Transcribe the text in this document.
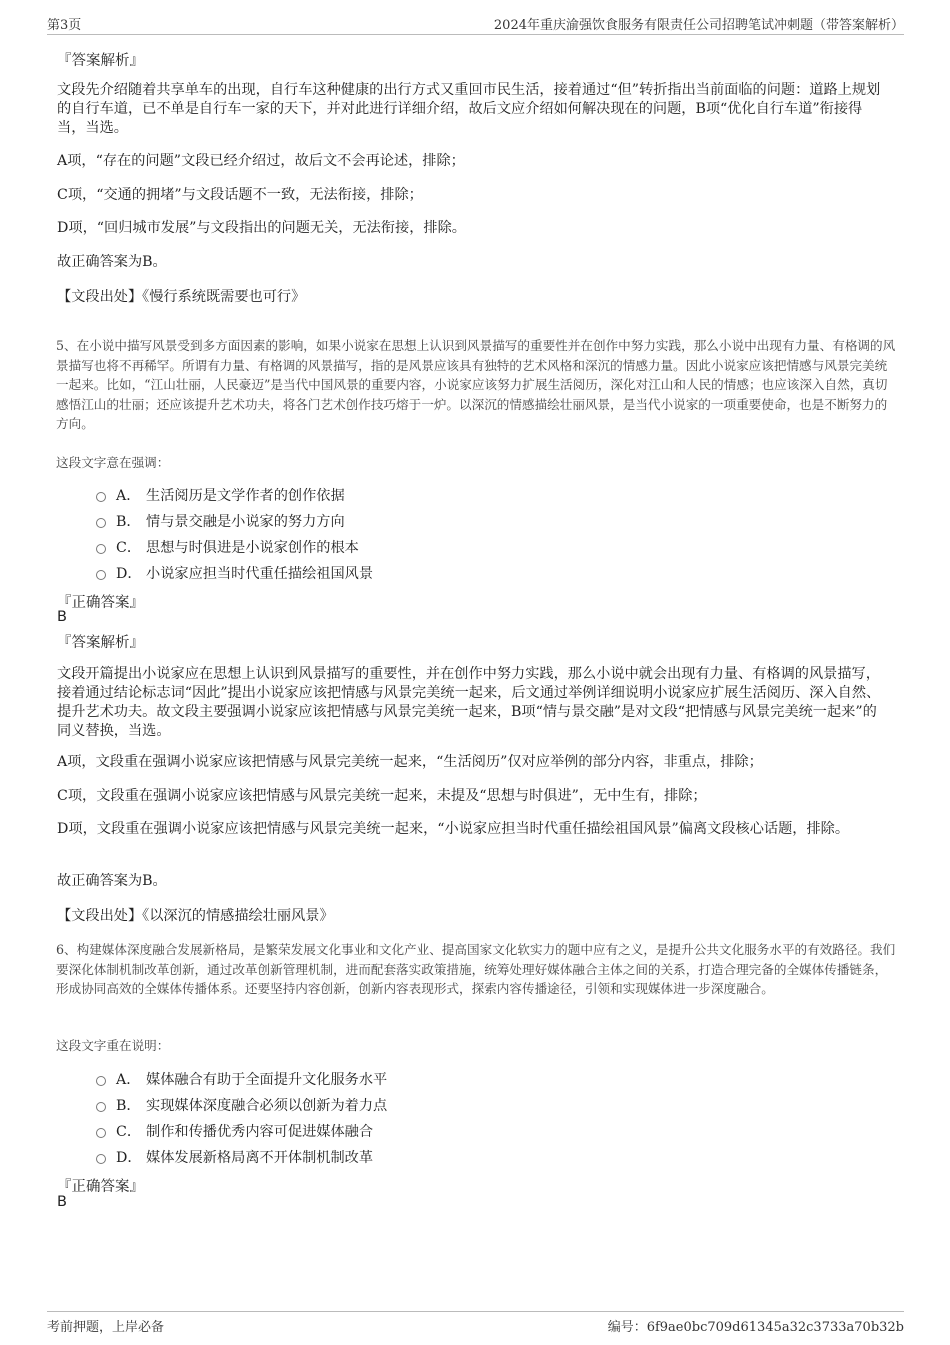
第3页	2024年重庆渝强饮食服务有限责任公司招聘笔试冲刺题（带答案解析）
『答案解析』
文段先介绍随着共享单车的出现，自行车这种健康的出行方式又重回市民生活，接着通过“但”转折指出当前面临的问题：道路上规划的自行车道，已不单是自行车一家的天下，并对此进行详细介绍，故后文应介绍如何解决现在的问题，B项“优化自行车道”衔接得当，当选。
A项，“存在的问题”文段已经介绍过，故后文不会再论述，排除；
C项，“交通的拥堵”与文段话题不一致，无法衔接，排除；
D项，“回归城市发展”与文段指出的问题无关，无法衔接，排除。
故正确答案为B。
【文段出处】《慢行系统既需要也可行》
5、在小说中描写风景受到多方面因素的影响，如果小说家在思想上认识到风景描写的重要性并在创作中努力实践，那么小说中出现有力量、有格调的风景描写也将不再稀罕。所谓有力量、有格调的风景描写，指的是风景应该具有独特的艺术风格和深沉的情感力量。因此小说家应该把情感与风景完美统一起来。比如，“江山壮丽，人民豪迈”是当代中国风景的重要内容，小说家应该努力扩展生活阅历，深化对江山和人民的情感；也应该深入自然，真切感悟江山的壮丽；还应该提升艺术功夫，将各门艺术创作技巧熔于一炉。以深沉的情感描绘壮丽风景，是当代小说家的一项重要使命，也是不断努力的方向。
这段文字意在强调：
A． 生活阅历是文学作者的创作依据
B． 情与景交融是小说家的努力方向
C． 思想与时俱进是小说家创作的根本
D． 小说家应担当时代重任描绘祖国风景
『正确答案』
B
『答案解析』
文段开篇提出小说家应在思想上认识到风景描写的重要性，并在创作中努力实践，那么小说中就会出现有力量、有格调的风景描写，接着通过结论标志词“因此”提出小说家应该把情感与风景完美统一起来，后文通过举例详细说明小说家应扩展生活阅历、深入自然、提升艺术功夫。故文段主要强调小说家应该把情感与风景完美统一起来，B项“情与景交融”是对文段“把情感与风景完美统一起来”的同义替换，当选。
A项，文段重在强调小说家应该把情感与风景完美统一起来，“生活阅历”仅对应举例的部分内容，非重点，排除；
C项，文段重在强调小说家应该把情感与风景完美统一起来，未提及“思想与时俱进”，无中生有，排除；
D项，文段重在强调小说家应该把情感与风景完美统一起来，“小说家应担当时代重任描绘祖国风景”偏离文段核心话题，排除。
故正确答案为B。
【文段出处】《以深沉的情感描绘壮丽风景》
6、构建媒体深度融合发展新格局，是繁荣发展文化事业和文化产业、提高国家文化软实力的题中应有之义，是提升公共文化服务水平的有效路径。我们要深化体制机制改革创新，通过改革创新管理机制，进而配套落实政策措施，统筹处理好媒体融合主体之间的关系，打造合理完备的全媒体传播链条，形成协同高效的全媒体传播体系。还要坚持内容创新，创新内容表现形式，探索内容传播途径，引领和实现媒体进一步深度融合。
这段文字重在说明：
A． 媒体融合有助于全面提升文化服务水平
B． 实现媒体深度融合必须以创新为着力点
C． 制作和传播优秀内容可促进媒体融合
D． 媒体发展新格局离不开体制机制改革
『正确答案』
B
考前押题，上岸必备	编号：6f9ae0bc709d61345a32c3733a70b32b
